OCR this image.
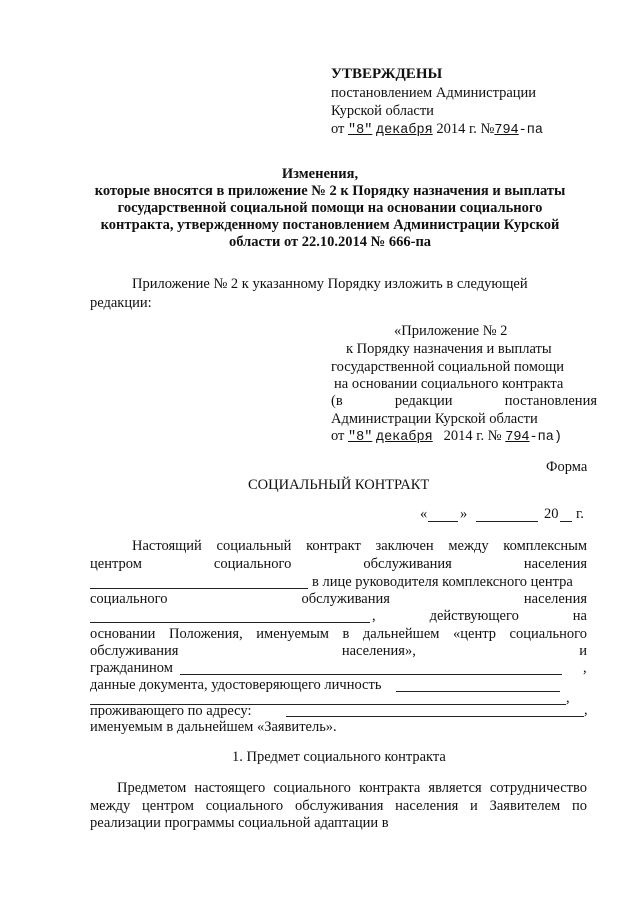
УТВЕРЖДЕНЫ
постановлением Администрации
Курской области
от "8" декабря 2014 г. №794-па
Изменения,
которые вносятся в приложение № 2 к Порядку назначения и выплаты
государственной социальной помощи на основании социального
контракта, утвержденному постановлением Администрации Курской
области от 22.10.2014 № 666-па
Приложение № 2 к указанному Порядку изложить в следующей
редакции:
«Приложение № 2
к Порядку назначения и выплаты
государственной социальной помощи
на основании социального контракта
(в редакции постановления
Администрации Курской области
от "8" декабря 2014 г. № 794-па)
Форма
СОЦИАЛЬНЫЙ КОНТРАКТ
« »	20 г.
Настоящий социальный контракт заключен между комплексным
центром социального обслуживания населения
в лице руководителя комплексного центра
социального обслуживания населения
, действующего на
основании Положения, именуемым в дальнейшем «центр социального
обслуживания населения», и
гражданином	,
данные документа, удостоверяющего личность
,
проживающего по адресу:	,
именуемым в дальнейшем «Заявитель».
1. Предмет социального контракта
Предметом настоящего социального контракта является сотрудничество
между центром социального обслуживания населения и Заявителем по
реализации программы социальной адаптации в
